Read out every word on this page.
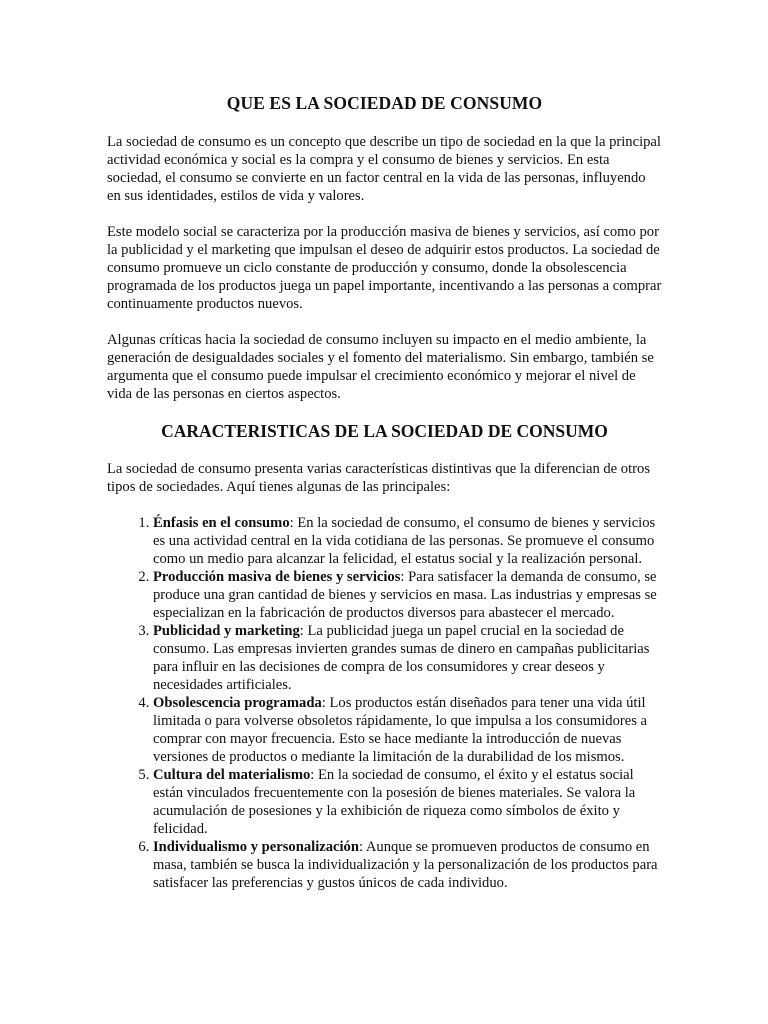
QUE ES LA SOCIEDAD DE CONSUMO

La sociedad de consumo es un concepto que describe un tipo de sociedad en la que la principal actividad económica y social es la compra y el consumo de bienes y servicios. En esta sociedad, el consumo se convierte en un factor central en la vida de las personas, influyendo en sus identidades, estilos de vida y valores.

Este modelo social se caracteriza por la producción masiva de bienes y servicios, así como por la publicidad y el marketing que impulsan el deseo de adquirir estos productos. La sociedad de consumo promueve un ciclo constante de producción y consumo, donde la obsolescencia programada de los productos juega un papel importante, incentivando a las personas a comprar continuamente productos nuevos.

Algunas críticas hacia la sociedad de consumo incluyen su impacto en el medio ambiente, la generación de desigualdades sociales y el fomento del materialismo. Sin embargo, también se argumenta que el consumo puede impulsar el crecimiento económico y mejorar el nivel de vida de las personas en ciertos aspectos.

CARACTERISTICAS DE LA SOCIEDAD DE CONSUMO

La sociedad de consumo presenta varias características distintivas que la diferencian de otros tipos de sociedades. Aquí tienes algunas de las principales:

1. Énfasis en el consumo: En la sociedad de consumo, el consumo de bienes y servicios es una actividad central en la vida cotidiana de las personas. Se promueve el consumo como un medio para alcanzar la felicidad, el estatus social y la realización personal.
2. Producción masiva de bienes y servicios: Para satisfacer la demanda de consumo, se produce una gran cantidad de bienes y servicios en masa. Las industrias y empresas se especializan en la fabricación de productos diversos para abastecer el mercado.
3. Publicidad y marketing: La publicidad juega un papel crucial en la sociedad de consumo. Las empresas invierten grandes sumas de dinero en campañas publicitarias para influir en las decisiones de compra de los consumidores y crear deseos y necesidades artificiales.
4. Obsolescencia programada: Los productos están diseñados para tener una vida útil limitada o para volverse obsoletos rápidamente, lo que impulsa a los consumidores a comprar con mayor frecuencia. Esto se hace mediante la introducción de nuevas versiones de productos o mediante la limitación de la durabilidad de los mismos.
5. Cultura del materialismo: En la sociedad de consumo, el éxito y el estatus social están vinculados frecuentemente con la posesión de bienes materiales. Se valora la acumulación de posesiones y la exhibición de riqueza como símbolos de éxito y felicidad.
6. Individualismo y personalización: Aunque se promueven productos de consumo en masa, también se busca la individualización y la personalización de los productos para satisfacer las preferencias y gustos únicos de cada individuo.
